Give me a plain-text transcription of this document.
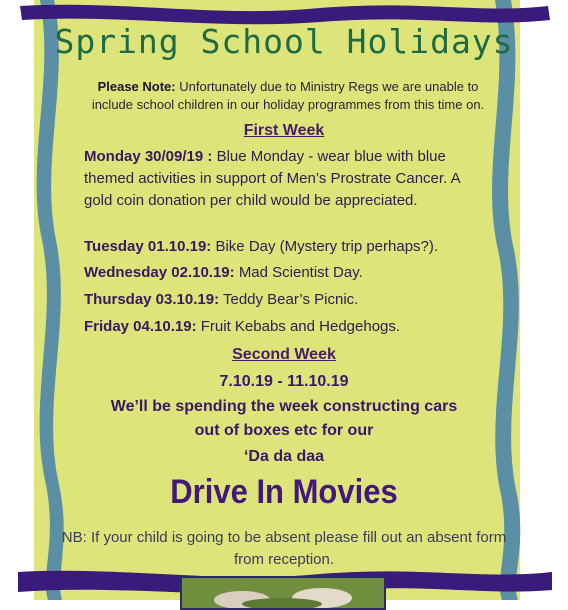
Spring School Holidays
Please Note: Unfortunately due to Ministry Regs we are unable to include school children in our holiday programmes from this time on.
First Week
Monday 30/09/19 : Blue Monday - wear blue with blue themed activities in support of Men’s Prostrate Cancer. A gold coin donation per child would be appreciated.
Tuesday 01.10.19: Bike Day (Mystery trip perhaps?).
Wednesday 02.10.19: Mad Scientist Day.
Thursday 03.10.19: Teddy Bear’s Picnic.
Friday 04.10.19: Fruit Kebabs and Hedgehogs.
Second Week
7.10.19 - 11.10.19
We’ll be spending the week constructing cars
out of boxes etc for our
‘Da da daa
Drive In Movies
NB: If your child is going to be absent please fill out an absent form from reception.
